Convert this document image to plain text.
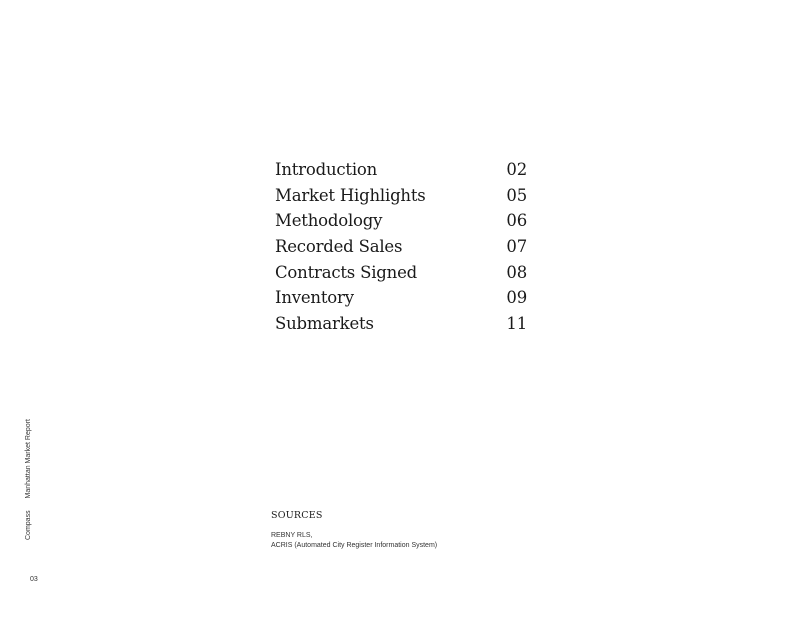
Introduction	02
Market Highlights	05
Methodology	06
Recorded Sales	07
Contracts Signed	08
Inventory	09
Submarkets	11
SOURCES
REBNY RLS,
ACRIS (Automated City Register Information System)
Compass Manhattan Market Report
03
